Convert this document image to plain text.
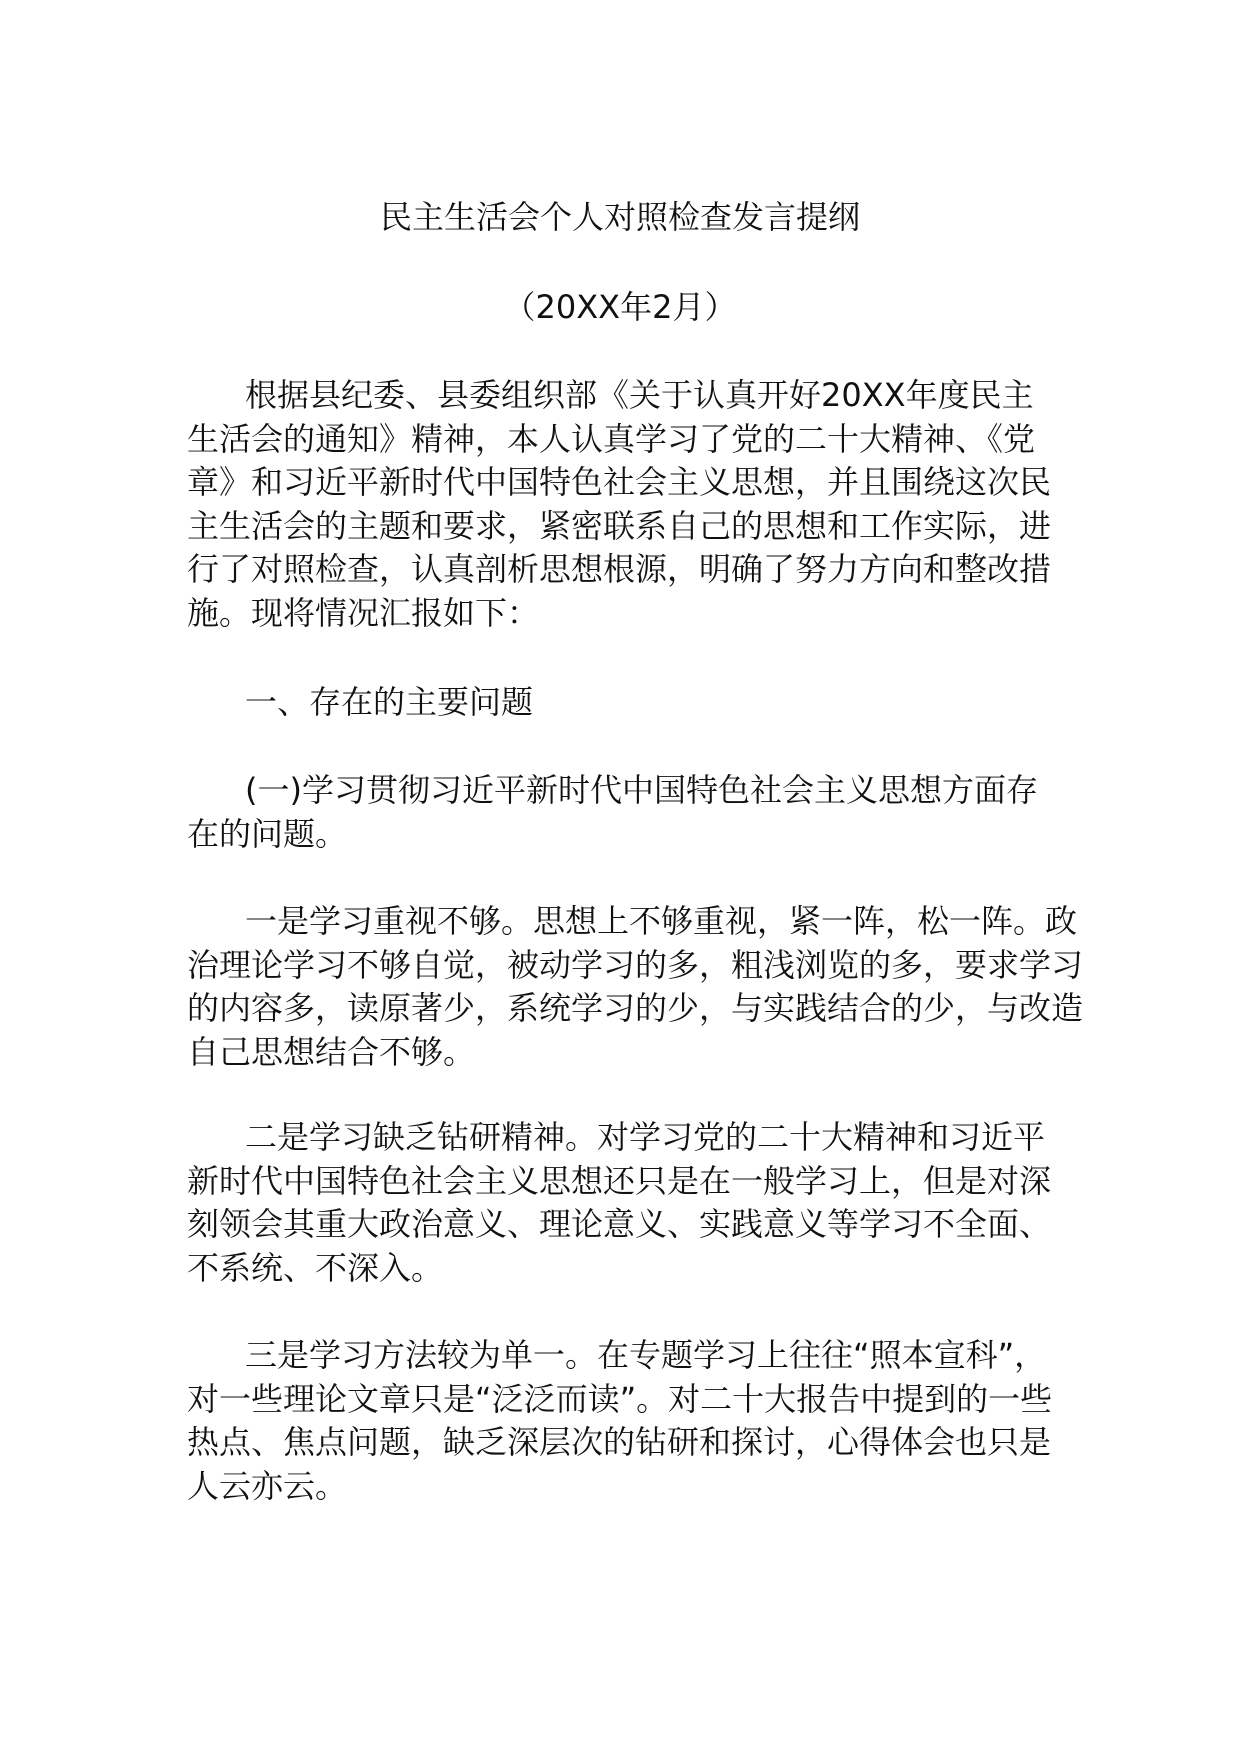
民主生活会个人对照检查发言提纲
（20XX年2月）

根据县纪委、县委组织部《关于认真开好20XX年度民主生活会的通知》精神，本人认真学习了党的二十大精神、《党章》和习近平新时代中国特色社会主义思想，并且围绕这次民主生活会的主题和要求，紧密联系自己的思想和工作实际，进行了对照检查，认真剖析思想根源，明确了努力方向和整改措施。现将情况汇报如下：

一、存在的主要问题

(一)学习贯彻习近平新时代中国特色社会主义思想方面存在的问题。

一是学习重视不够。思想上不够重视，紧一阵，松一阵。政治理论学习不够自觉，被动学习的多，粗浅浏览的多，要求学习的内容多，读原著少，系统学习的少，与实践结合的少，与改造自己思想结合不够。

二是学习缺乏钻研精神。对学习党的二十大精神和习近平新时代中国特色社会主义思想还只是在一般学习上，但是对深刻领会其重大政治意义、理论意义、实践意义等学习不全面、不系统、不深入。

三是学习方法较为单一。在专题学习上往往“照本宣科”，对一些理论文章只是“泛泛而读”。对二十大报告中提到的一些热点、焦点问题，缺乏深层次的钻研和探讨，心得体会也只是人云亦云。
